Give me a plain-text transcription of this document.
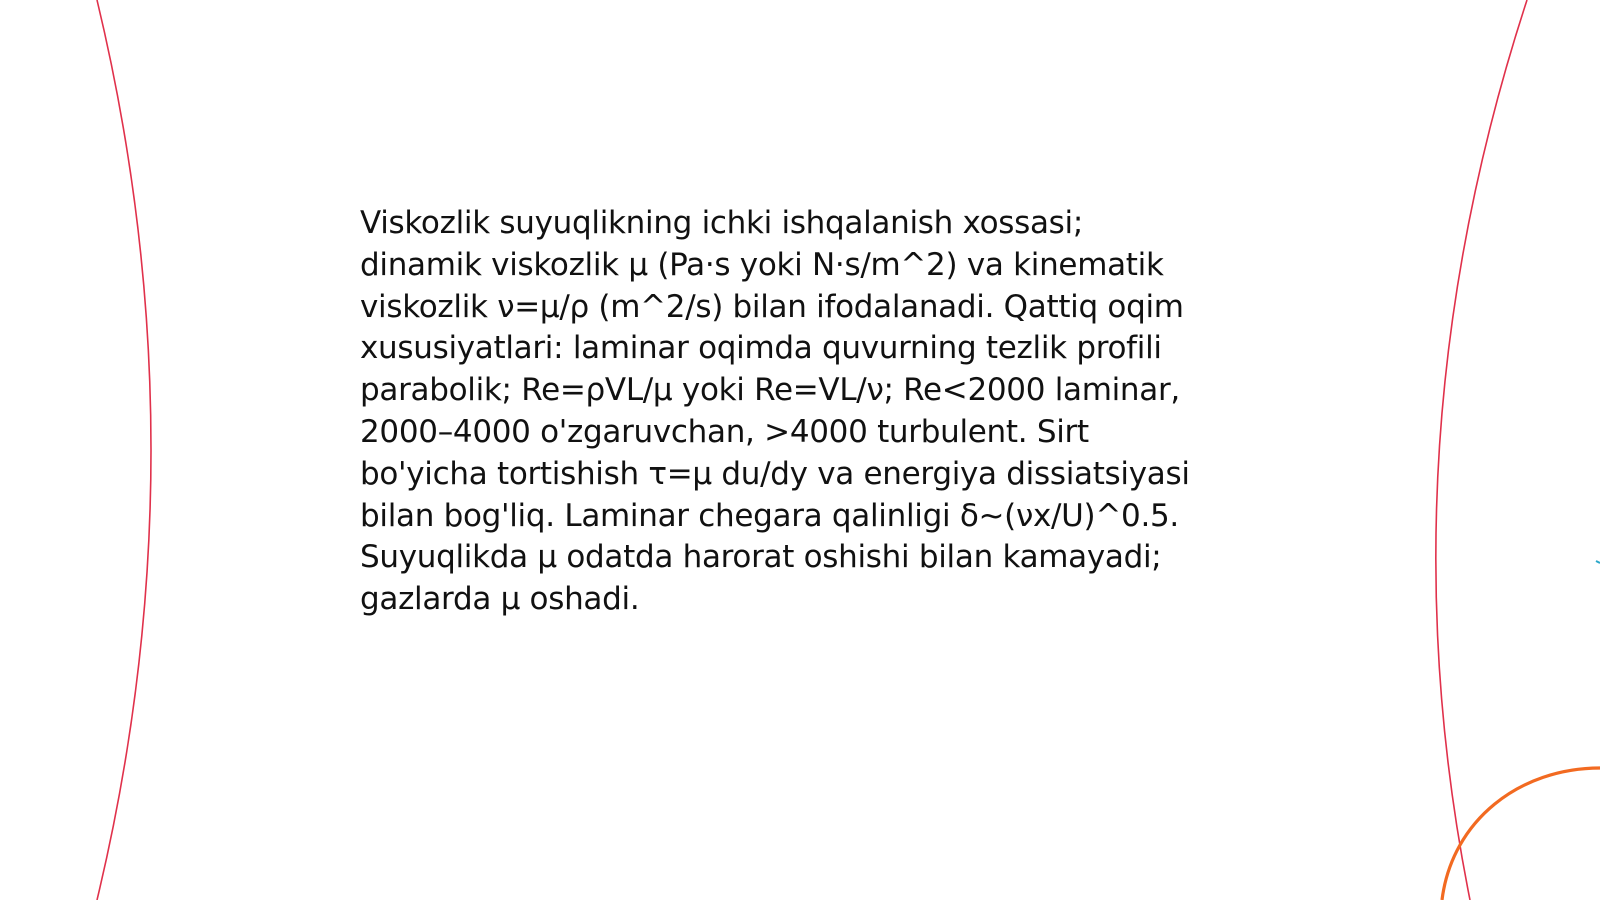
Viskozlik suyuqlikning ichki ishqalanish xossasi;
dinamik viskozlik μ (Pa·s yoki N·s/m^2) va kinematik
viskozlik ν=μ/ρ (m^2/s) bilan ifodalanadi. Qattiq oqim
xususiyatlari: laminar oqimda quvurning tezlik profili
parabolik; Re=ρVL/μ yoki Re=VL/ν; Re<2000 laminar,
2000–4000 o'zgaruvchan, >4000 turbulent. Sirt
bo'yicha tortishish τ=μ du/dy va energiya dissiatsiyasi
bilan bog'liq. Laminar chegara qalinligi δ~(νx/U)^0.5.
Suyuqlikda μ odatda harorat oshishi bilan kamayadi;
gazlarda μ oshadi.
